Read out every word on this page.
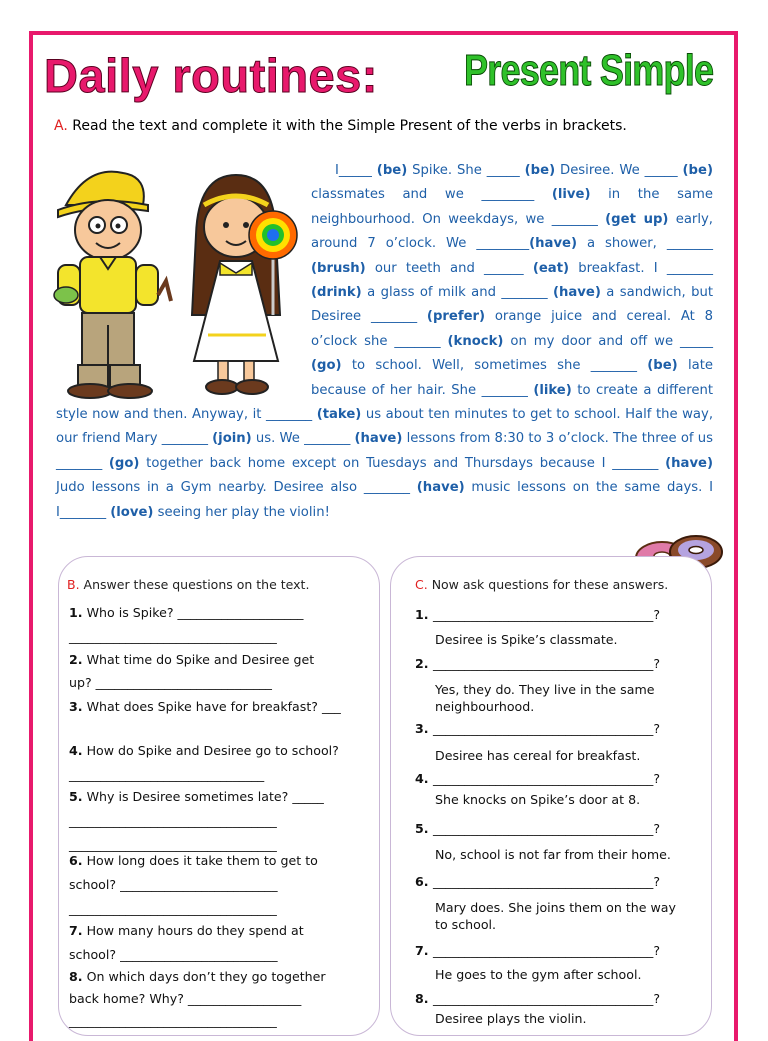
Daily routines: Present Simple
A. Read the text and complete it with the Simple Present of the verbs in brackets.
I_____ (be) Spike. She _____ (be) Desiree. We _____ (be) classmates and we ________ (live) in the same neighbourhood. On weekdays, we _______ (get up) early, around 7 o’clock. We ________(have) a shower, _______ (brush) our teeth and ______ (eat) breakfast. I _______ (drink) a glass of milk and _______ (have) a sandwich, but Desiree _______ (prefer) orange juice and cereal. At 8 o’clock she _______ (knock) on my door and off we _____ (go) to school. Well, sometimes she _______ (be) late because of her hair. She _______ (like) to create a different style now and then. Anyway, it _______ (take) us about ten minutes to get to school. Half the way, our friend Mary _______ (join) us. We _______ (have) lessons from 8:30 to 3 o’clock. The three of us _______ (go) together back home except on Tuesdays and Thursdays because I _______ (have) Judo lessons in a Gym nearby. Desiree also _______ (have) music lessons on the same days. I I_______ (love) seeing her play the violin!
B. Answer these questions on the text.
1. Who is Spike? ____________________
_________________________________
2. What time do Spike and Desiree get
up? ____________________________
3. What does Spike have for breakfast? ___
4. How do Spike and Desiree go to school?
_______________________________
5. Why is Desiree sometimes late? _____
_________________________________
_________________________________
6. How long does it take them to get to
school? _________________________
_________________________________
7. How many hours do they spend at
school? _________________________
8. On which days don’t they go together
back home? Why? __________________
_________________________________
C. Now ask questions for these answers.
1. ___________________________________?
Desiree is Spike’s classmate.
2. ___________________________________?
Yes, they do. They live in the same
neighbourhood.
3. ___________________________________?
Desiree has cereal for breakfast.
4. ___________________________________?
She knocks on Spike’s door at 8.
5. ___________________________________?
No, school is not far from their home.
6. ___________________________________?
Mary does. She joins them on the way
to school.
7. ___________________________________?
He goes to the gym after school.
8. ___________________________________?
Desiree plays the violin.
